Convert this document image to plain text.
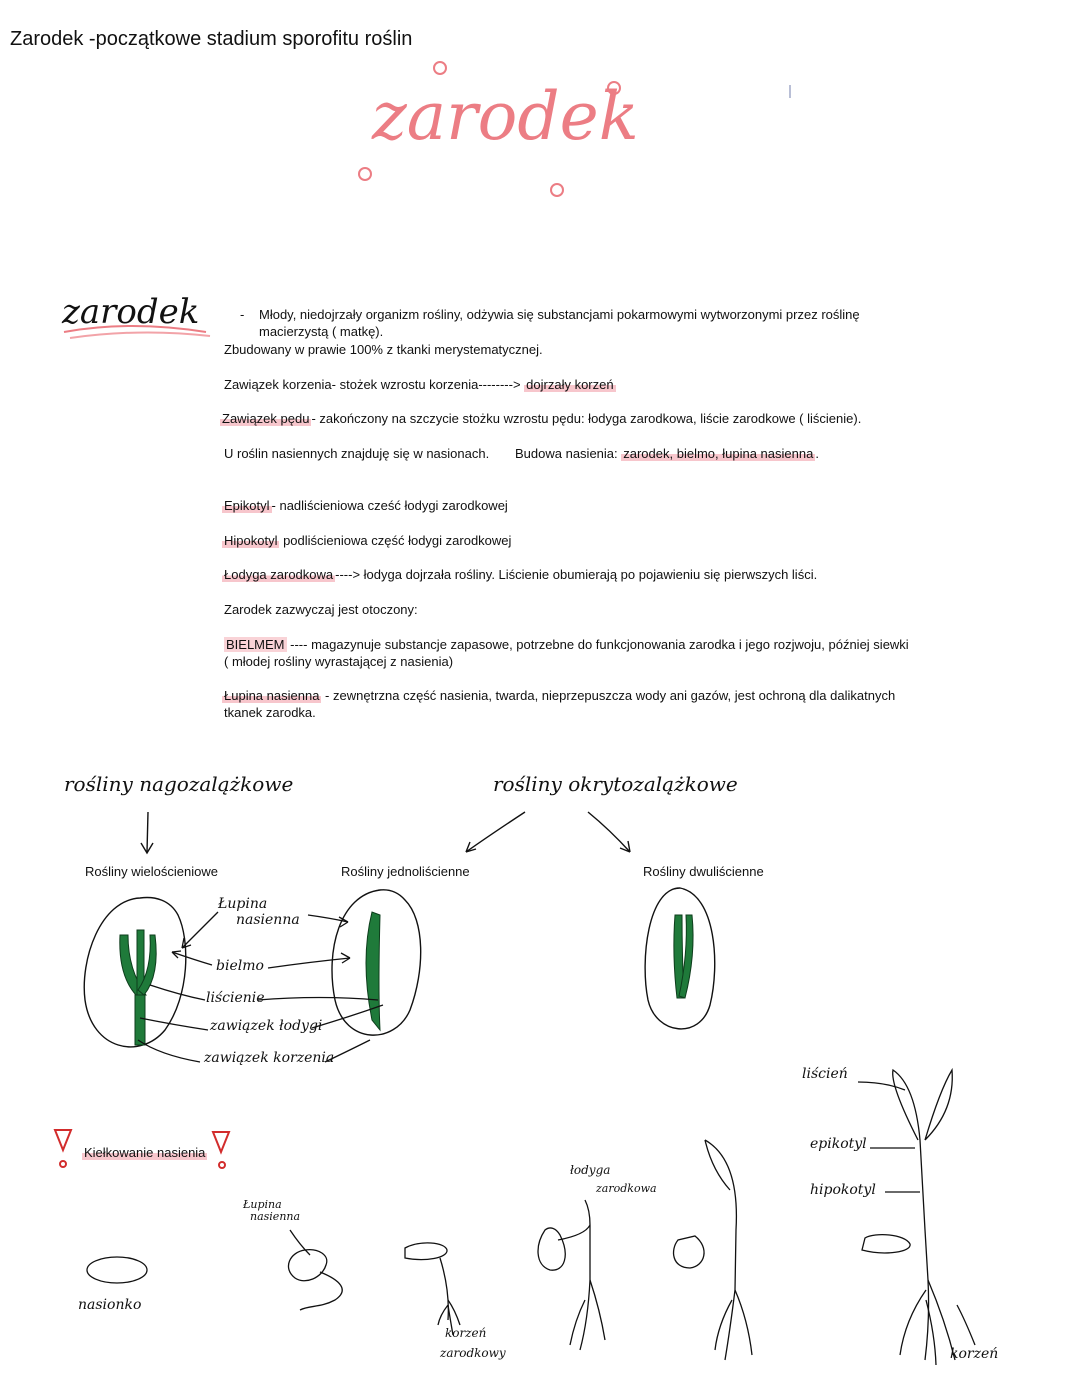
Zarodek -początkowe stadium sporofitu roślin
zarodek
zarodek	- Młody, niedojrzały organizm rośliny, odżywia się substancjami pokarmowymi wytworzonymi przez roślinę
macierzystą ( matkę).
Zbudowany w prawie 100% z tkanki merystematycznej.
Zawiązek korzenia- stożek wzrostu korzenia--------> dojrzały korzeń
Zawiązek pędu - zakończony na szczycie stożku wzrostu pędu: łodyga zarodkowa, liście zarodkowe ( liścienie).
U roślin nasiennych znajduję się w nasionach. Budowa nasienia: zarodek, bielmo, łupina nasienna .
Epikotyl - nadliścieniowa cześć łodygi zarodkowej
Hipokotyl podliścieniowa część łodygi zarodkowej
Łodyga zarodkowa ----> łodyga dojrzała rośliny. Liścienie obumierają po pojawieniu się pierwszych liści.
Zarodek zazwyczaj jest otoczony:
BIELMEM ---- magazynuje substancje zapasowe, potrzebne do funkcjonowania zarodka i jego rozjwoju, później siewki
( młodej rośliny wyrastającej z nasienia)
Łupina nasienna - zewnętrzna część nasienia, twarda, nieprzepuszcza wody ani gazów, jest ochroną dla dalikatnych
tkanek zarodka.
rośliny nagozalążkowe	rośliny okrytozalążkowe
Rośliny wielościeniowe	Rośliny jednoliścienne	Rośliny dwuliścienne
Łupina
nasienna
bielmo
liścienie
zawiązek łodygi
zawiązek korzenia
Kiełkowanie nasienia
nasionko
Łupina
nasienna
korzeń
zarodkowy
łodyga
zarodkowa
liścień
epikotyl
hipokotyl
korzeń
